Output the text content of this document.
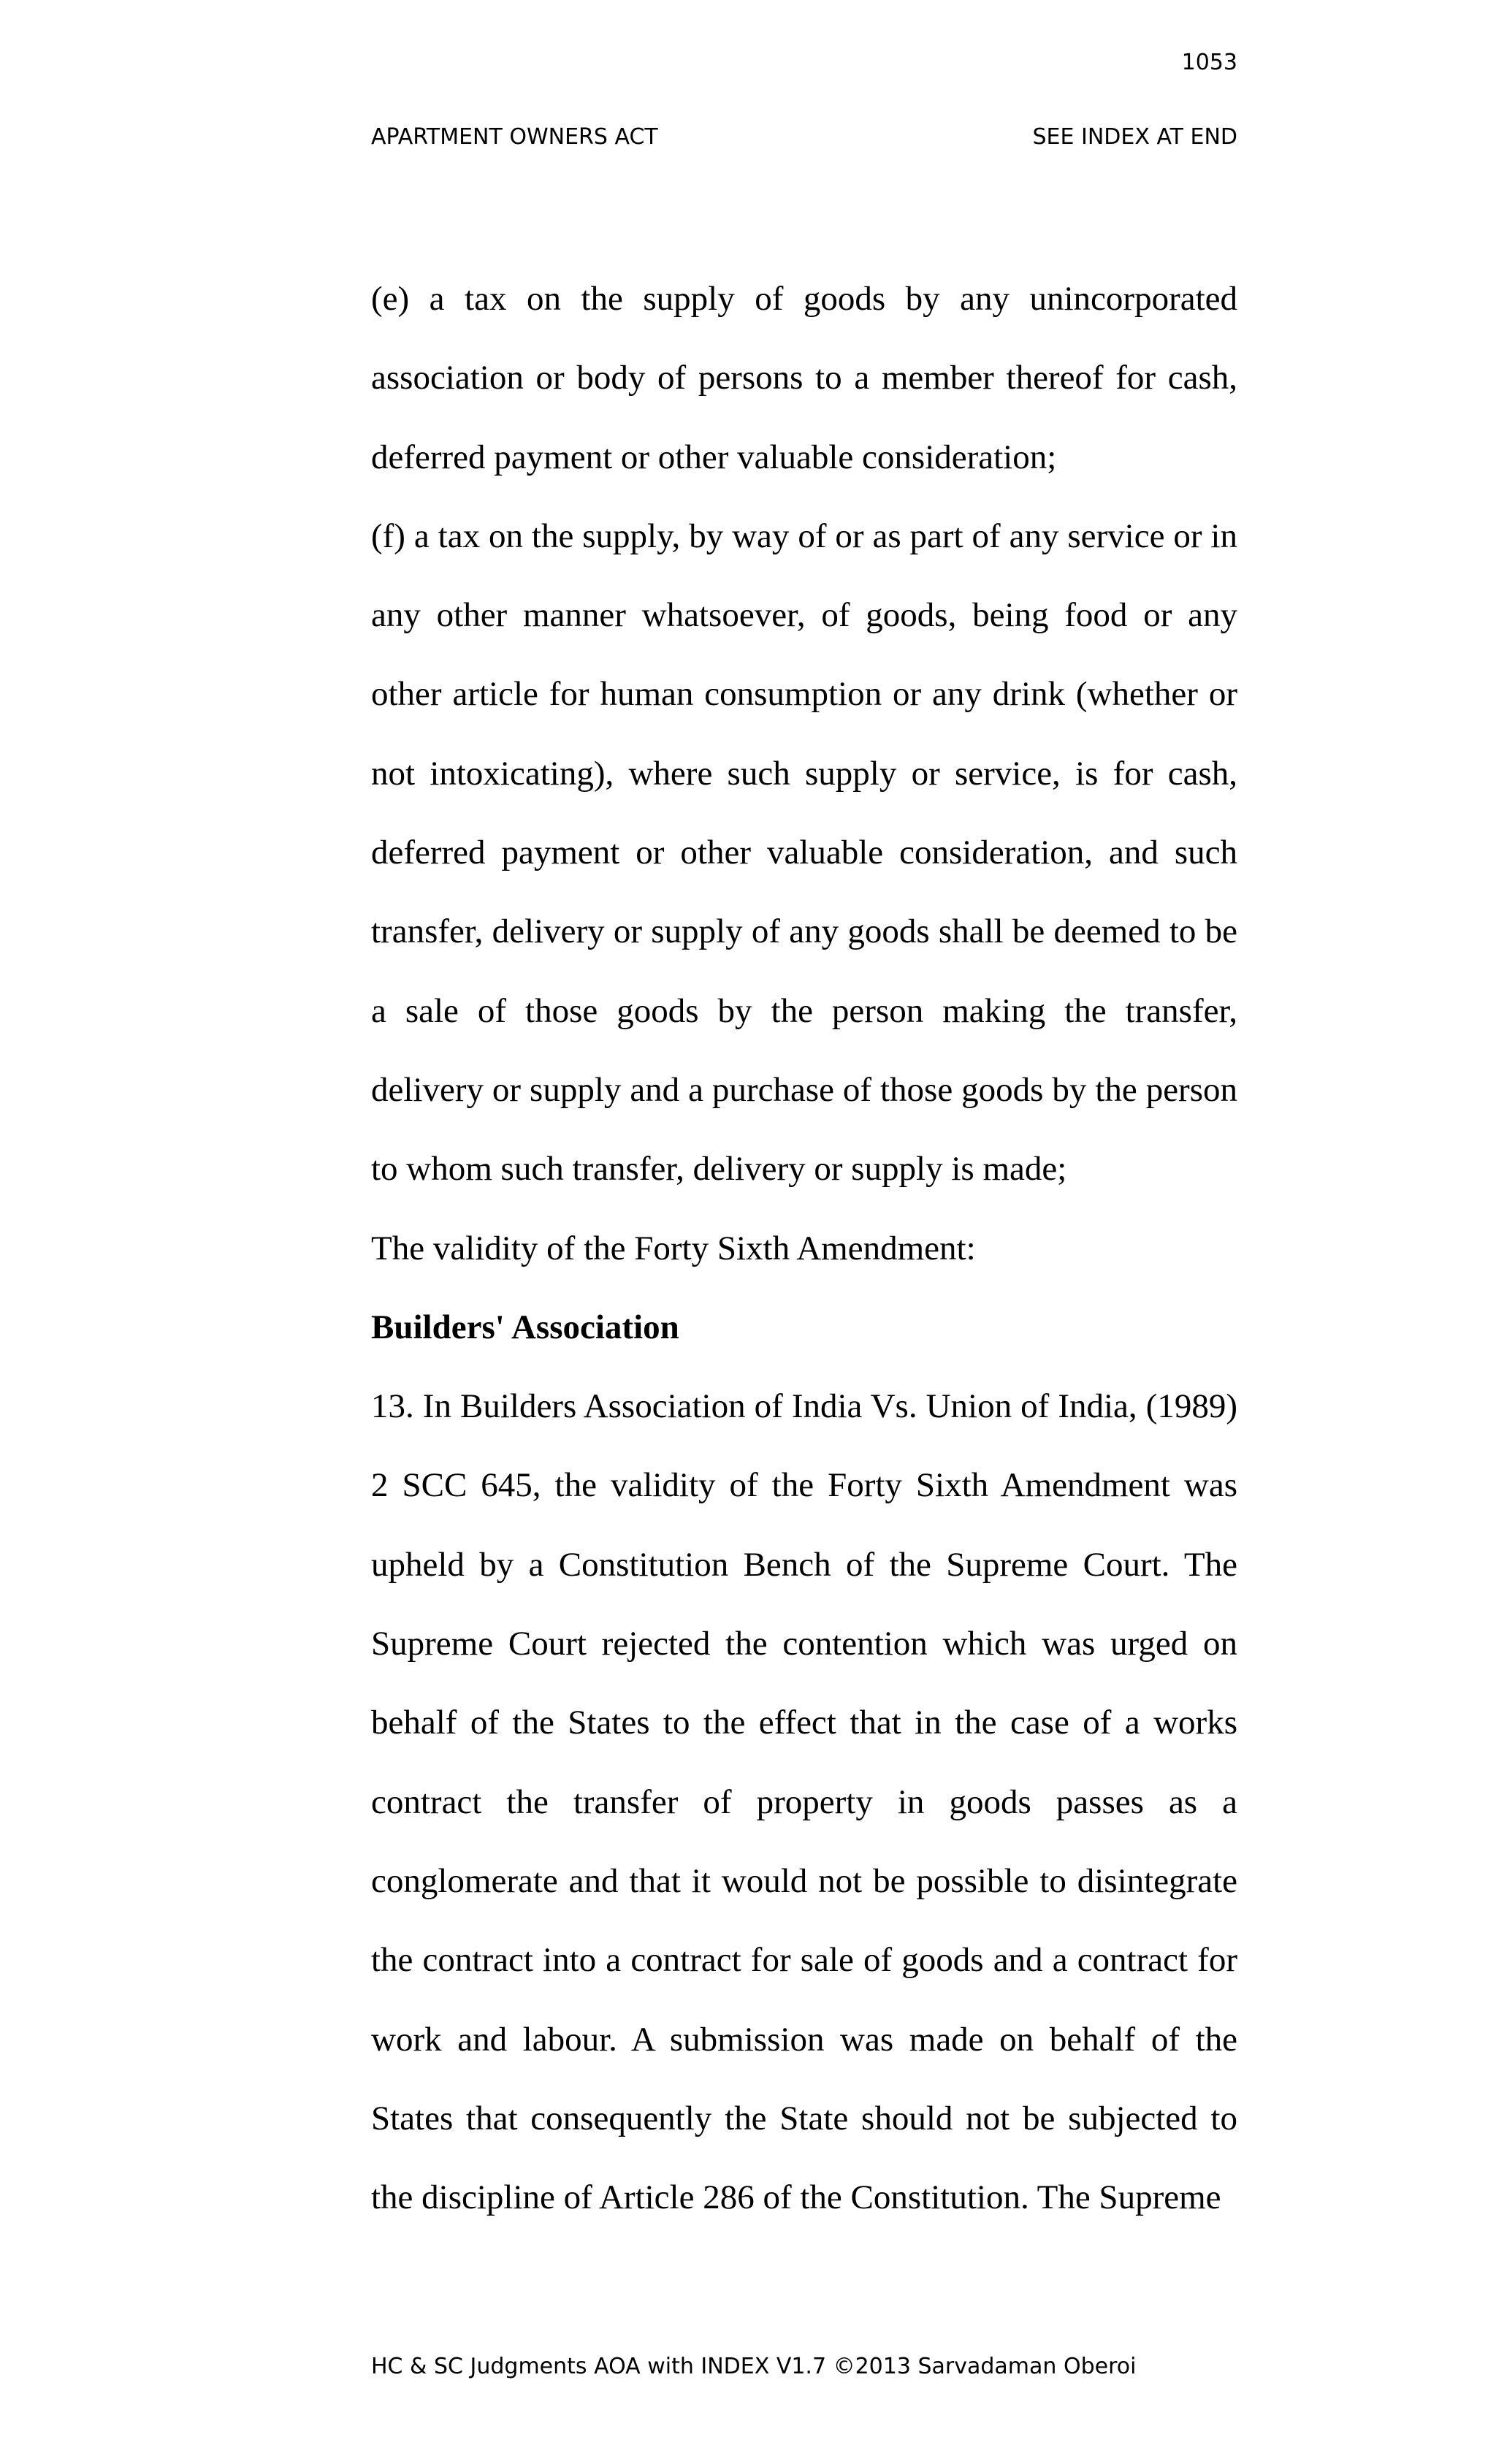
1053
APARTMENT OWNERS ACT	SEE INDEX AT END

(e) a tax on the supply of goods by any unincorporated association or body of persons to a member thereof for cash, deferred payment or other valuable consideration;

(f) a tax on the supply, by way of or as part of any service or in any other manner whatsoever, of goods, being food or any other article for human consumption or any drink (whether or not intoxicating), where such supply or service, is for cash, deferred payment or other valuable consideration, and such transfer, delivery or supply of any goods shall be deemed to be a sale of those goods by the person making the transfer, delivery or supply and a purchase of those goods by the person to whom such transfer, delivery or supply is made;

The validity of the Forty Sixth Amendment:

Builders' Association

13. In Builders Association of India Vs. Union of India, (1989) 2 SCC 645, the validity of the Forty Sixth Amendment was upheld by a Constitution Bench of the Supreme Court. The Supreme Court rejected the contention which was urged on behalf of the States to the effect that in the case of a works contract the transfer of property in goods passes as a conglomerate and that it would not be possible to disintegrate the contract into a contract for sale of goods and a contract for work and labour. A submission was made on behalf of the States that consequently the State should not be subjected to the discipline of Article 286 of the Constitution. The Supreme

HC & SC Judgments AOA with INDEX V1.7 ©2013 Sarvadaman Oberoi
